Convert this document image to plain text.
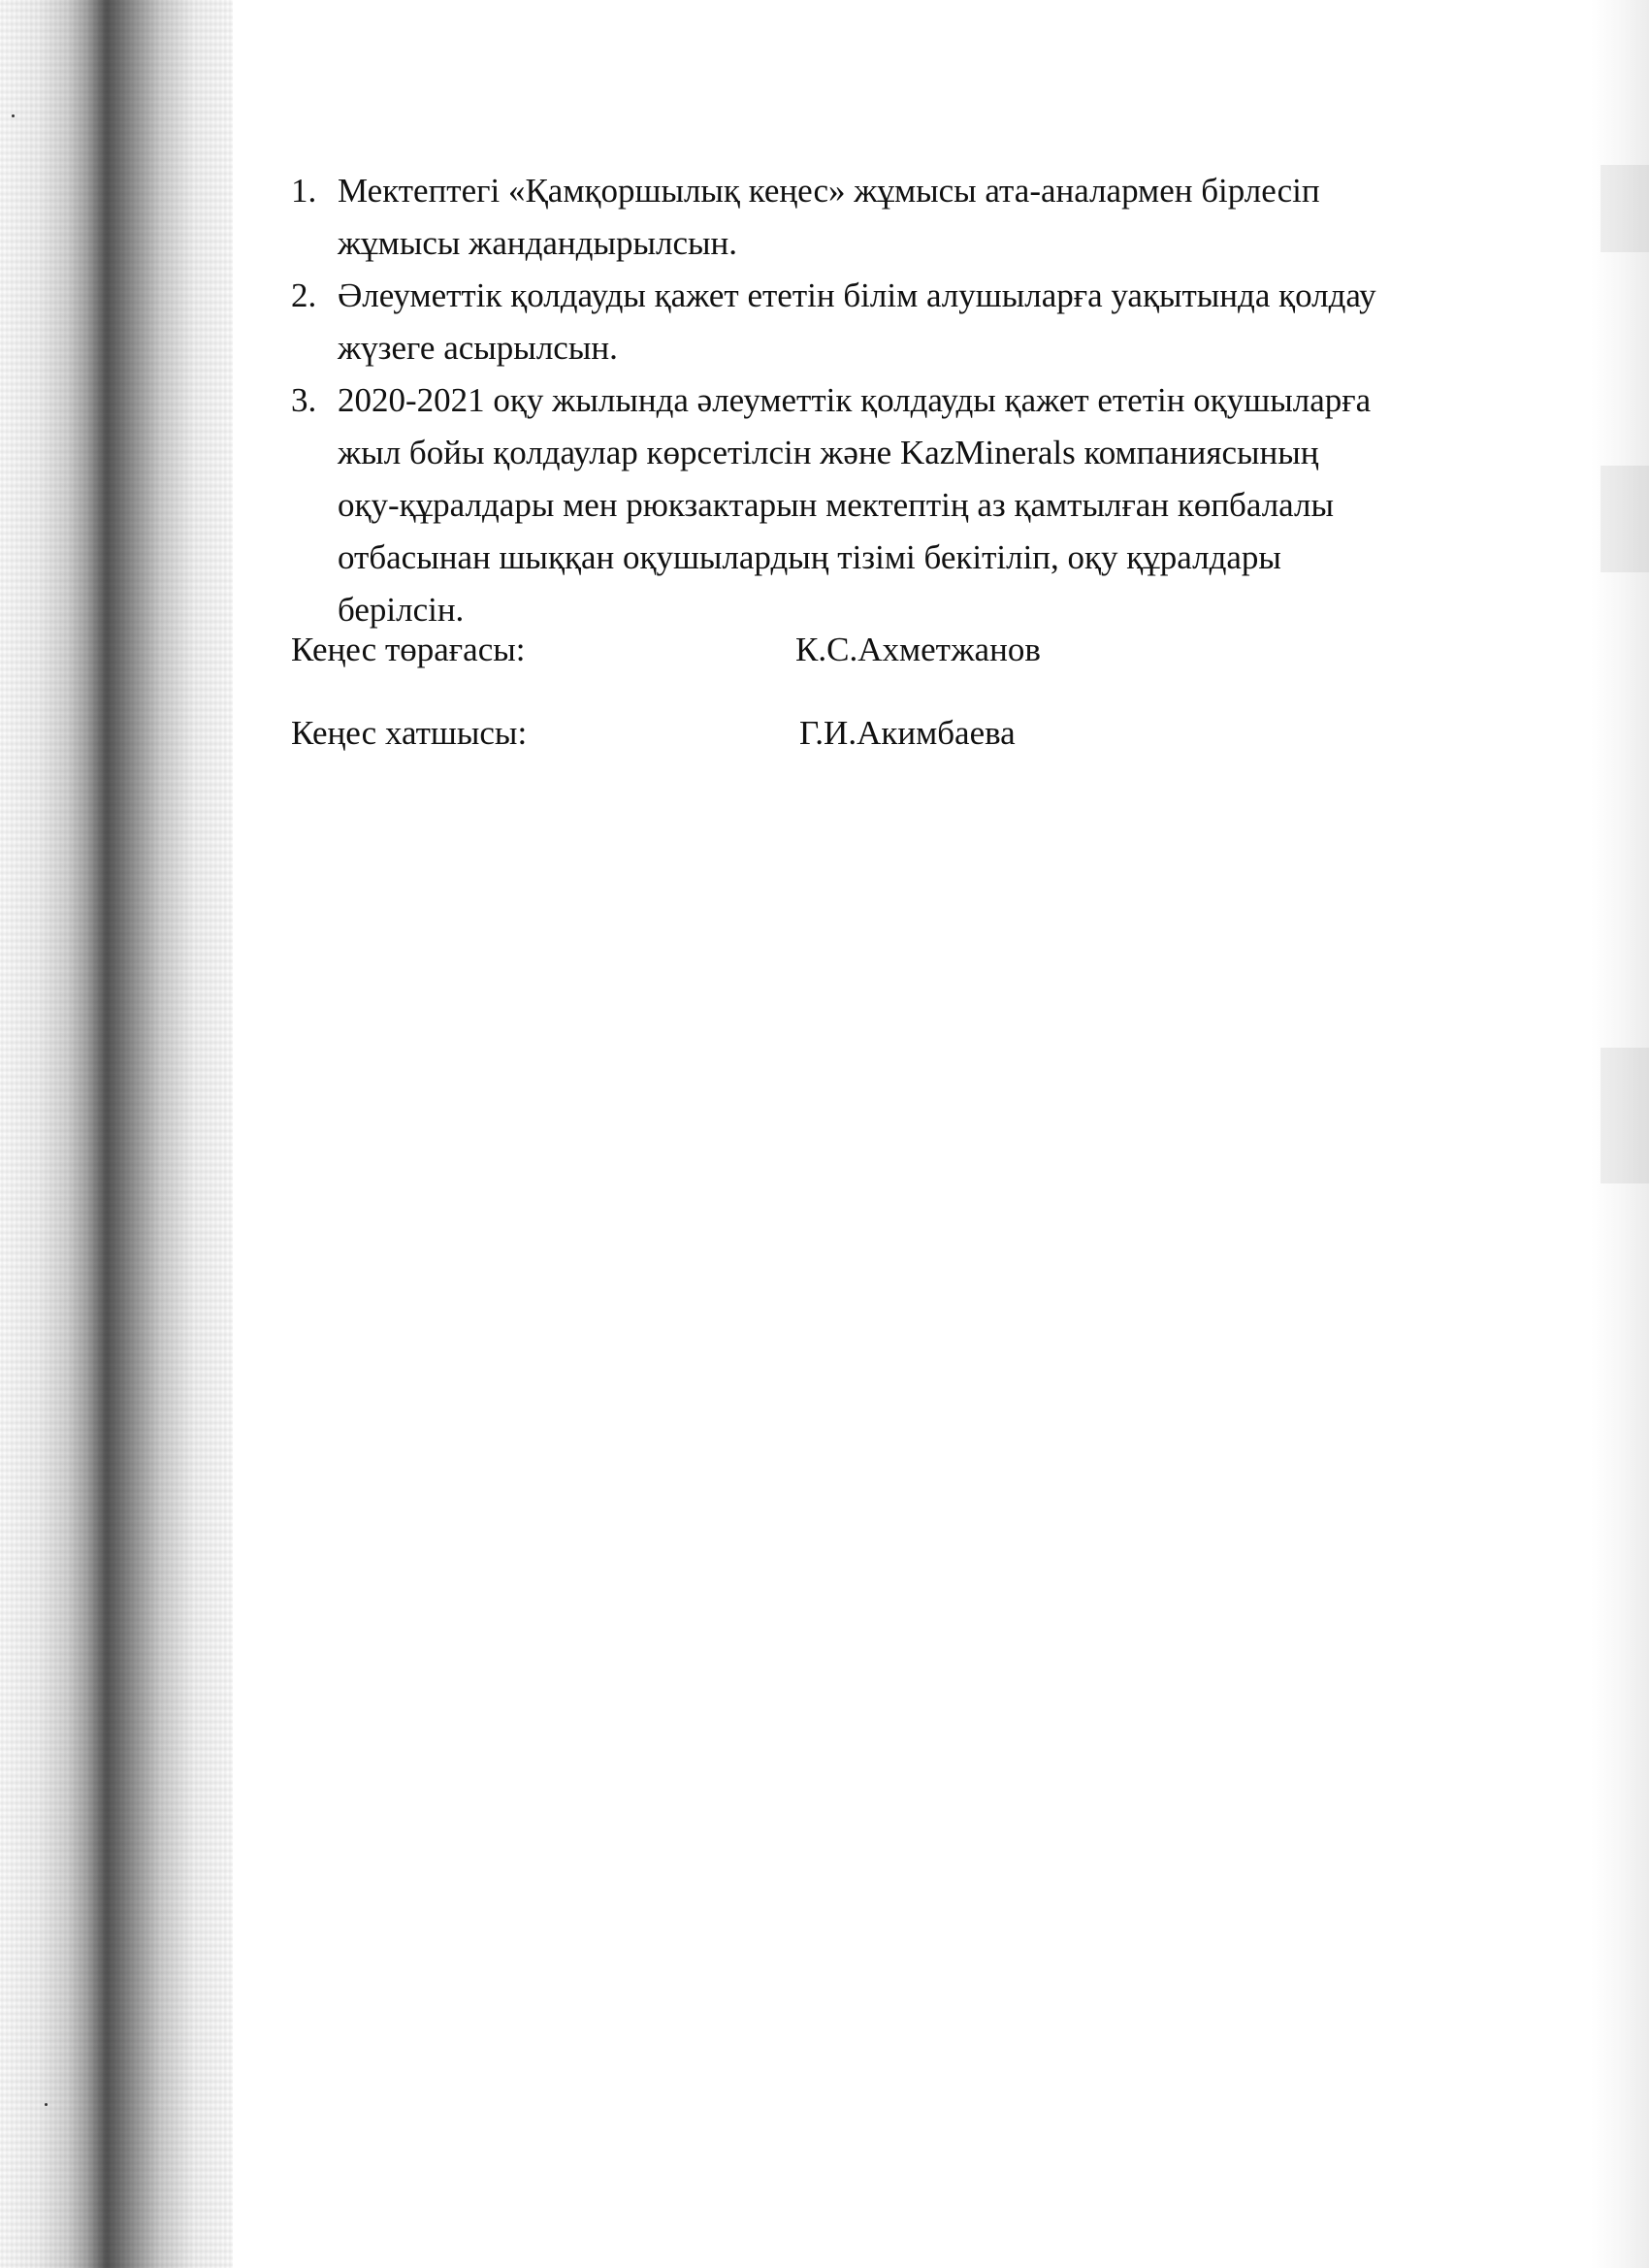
1. Мектептегі «Қамқоршылық кеңес» жұмысы ата-аналармен бірлесіп
жұмысы жандандырылсын.
2. Әлеуметтік қолдауды қажет ететін білім алушыларға уақытында қолдау
жүзеге асырылсын.
3. 2020-2021 оқу жылында әлеуметтік қолдауды қажет ететін оқушыларға
жыл бойы қолдаулар көрсетілсін және KazMinerals компаниясының
оқу-құралдары мен рюкзактарын мектептің аз қамтылған көпбалалы
отбасынан шыққан оқушылардың тізімі бекітіліп, оқу құралдары
берілсін.
Кеңес төрағасы:	К.С.Ахметжанов
Кеңес хатшысы:	Г.И.Акимбаева
